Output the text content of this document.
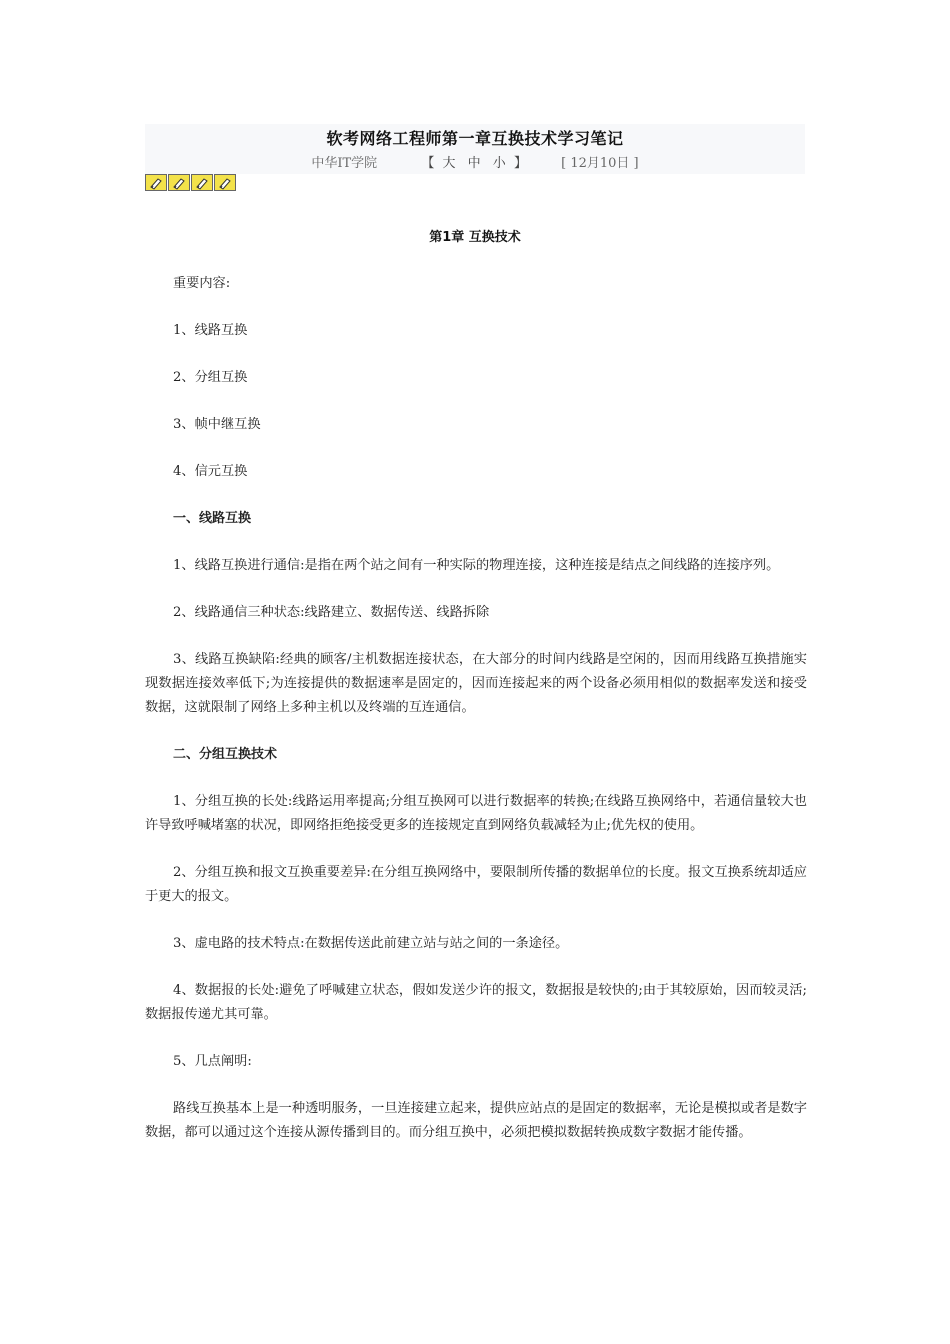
软考网络工程师第一章互换技术学习笔记
中华IT学院	【 大 中 小 】	[ 12月10日 ]
第1章 互换技术

重要内容:

1、线路互换

2、分组互换

3、帧中继互换

4、信元互换

一、线路互换

1、线路互换进行通信:是指在两个站之间有一种实际的物理连接，这种连接是结点之间线路的连接序列。

2、线路通信三种状态:线路建立、数据传送、线路拆除

3、线路互换缺陷:经典的顾客/主机数据连接状态，在大部分的时间内线路是空闲的，因而用线路互换措施实现数据连接效率低下;为连接提供的数据速率是固定的，因而连接起来的两个设备必须用相似的数据率发送和接受数据，这就限制了网络上多种主机以及终端的互连通信。

二、分组互换技术

1、分组互换的长处:线路运用率提高;分组互换网可以进行数据率的转换;在线路互换网络中，若通信量较大也许导致呼喊堵塞的状况，即网络拒绝接受更多的连接规定直到网络负载减轻为止;优先权的使用。

2、分组互换和报文互换重要差异:在分组互换网络中，要限制所传播的数据单位的长度。报文互换系统却适应于更大的报文。

3、虚电路的技术特点:在数据传送此前建立站与站之间的一条途径。

4、数据报的长处:避免了呼喊建立状态，假如发送少许的报文，数据报是较快的;由于其较原始，因而较灵活;数据报传递尤其可靠。

5、几点阐明:

路线互换基本上是一种透明服务，一旦连接建立起来，提供应站点的是固定的数据率，无论是模拟或者是数字数据，都可以通过这个连接从源传播到目的。而分组互换中，必须把模拟数据转换成数字数据才能传播。
